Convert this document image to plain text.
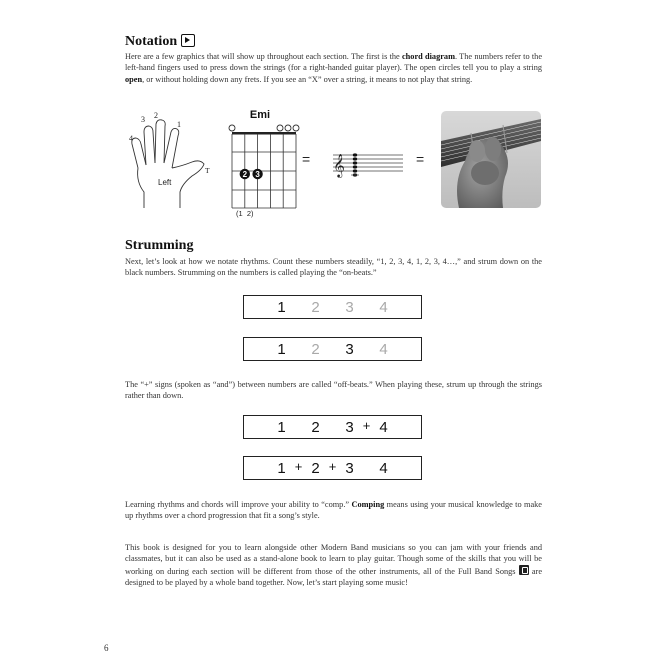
Notation
Here are a few graphics that will show up throughout each section. The first is the chord diagram. The numbers refer to the left-hand fingers used to press down the strings (for a right-handed guitar player). The open circles tell you to play a string open, or without holding down any frets. If you see an “X” over a string, it means to not play that string.
4
3 2
1
T
Left
Emi
2 3
(1  2)
=	=
𝄞
Strumming
Next, let’s look at how we notate rhythms. Count these numbers steadily, “1, 2, 3, 4, 1, 2, 3, 4…,” and strum down on the black numbers. Strumming on the numbers is called playing the “on-beats.”
1	2	3	4
1	2	3	4
The “+” signs (spoken as “and”) between numbers are called “off-beats.” When playing these, strum up through the strings rather than down.
1	2	3 + 4
1 + 2 + 3	4
Learning rhythms and chords will improve your ability to “comp.” Comping means using your musical knowledge to make up rhythms over a chord progression that fit a song’s style.
This book is designed for you to learn alongside other Modern Band musicians so you can jam with your friends and classmates, but it can also be used as a stand-alone book to learn to play guitar. Though some of the skills that you will be working on during each section will be different from those of the other instruments, all of the Full Band Songs are designed to be played by a whole band together. Now, let’s start playing some music!
6
